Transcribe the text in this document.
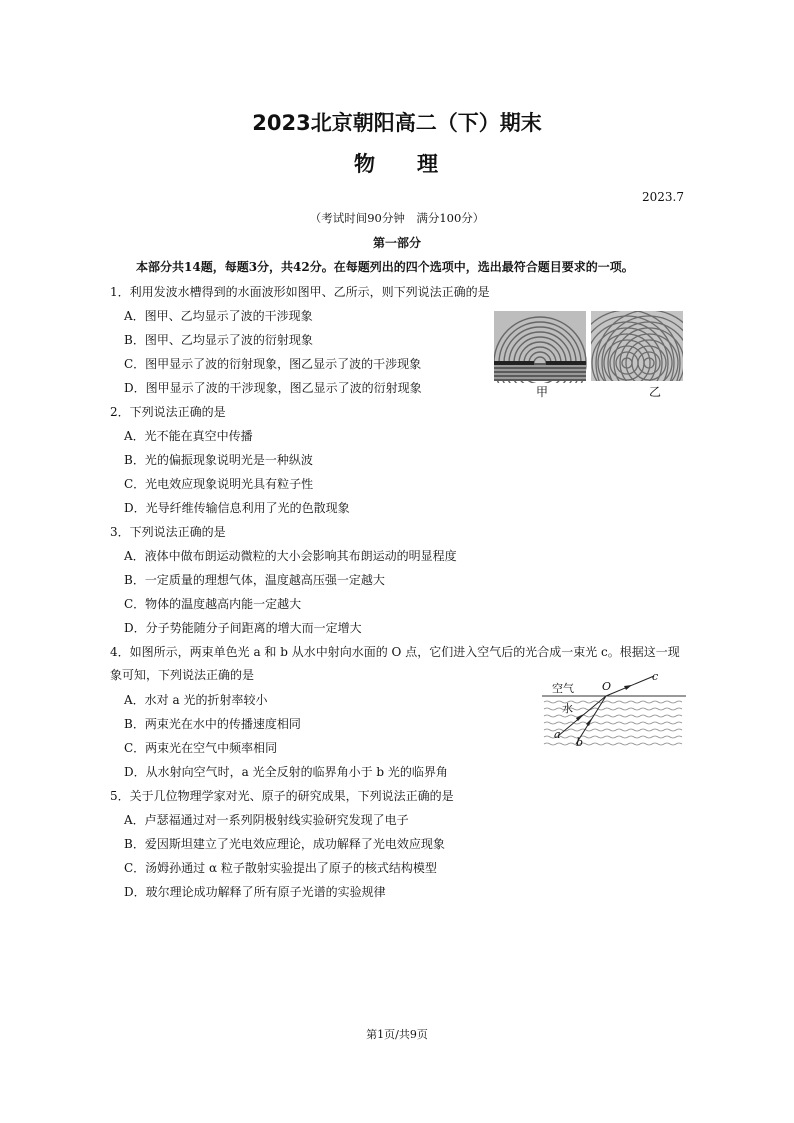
2023北京朝阳高二（下）期末
物 理
2023.7
（考试时间90分钟　满分100分）
第一部分
本部分共14题，每题3分，共42分。在每题列出的四个选项中，选出最符合题目要求的一项。
1．利用发波水槽得到的水面波形如图甲、乙所示，则下列说法正确的是
A．图甲、乙均显示了波的干涉现象
B．图甲、乙均显示了波的衍射现象
C．图甲显示了波的衍射现象，图乙显示了波的干涉现象
D．图甲显示了波的干涉现象，图乙显示了波的衍射现象	甲	乙
2．下列说法正确的是
A．光不能在真空中传播
B．光的偏振现象说明光是一种纵波
C．光电效应现象说明光具有粒子性
D．光导纤维传输信息利用了光的色散现象
3．下列说法正确的是
A．液体中做布朗运动微粒的大小会影响其布朗运动的明显程度
B．一定质量的理想气体，温度越高压强一定越大
C．物体的温度越高内能一定越大
D．分子势能随分子间距离的增大而一定增大
4．如图所示，两束单色光 a 和 b 从水中射向水面的 O 点，它们进入空气后的光合成一束光 c。根据这一现
象可知，下列说法正确的是
A．水对 a 光的折射率较小
B．两束光在水中的传播速度相同
C．两束光在空气中频率相同
D．从水射向空气时，a 光全反射的临界角小于 b 光的临界角
空气	O
c
水
a
b
5．关于几位物理学家对光、原子的研究成果，下列说法正确的是
A．卢瑟福通过对一系列阴极射线实验研究发现了电子
B．爱因斯坦建立了光电效应理论，成功解释了光电效应现象
C．汤姆孙通过 α 粒子散射实验提出了原子的核式结构模型
D．玻尔理论成功解释了所有原子光谱的实验规律
第1页/共9页
